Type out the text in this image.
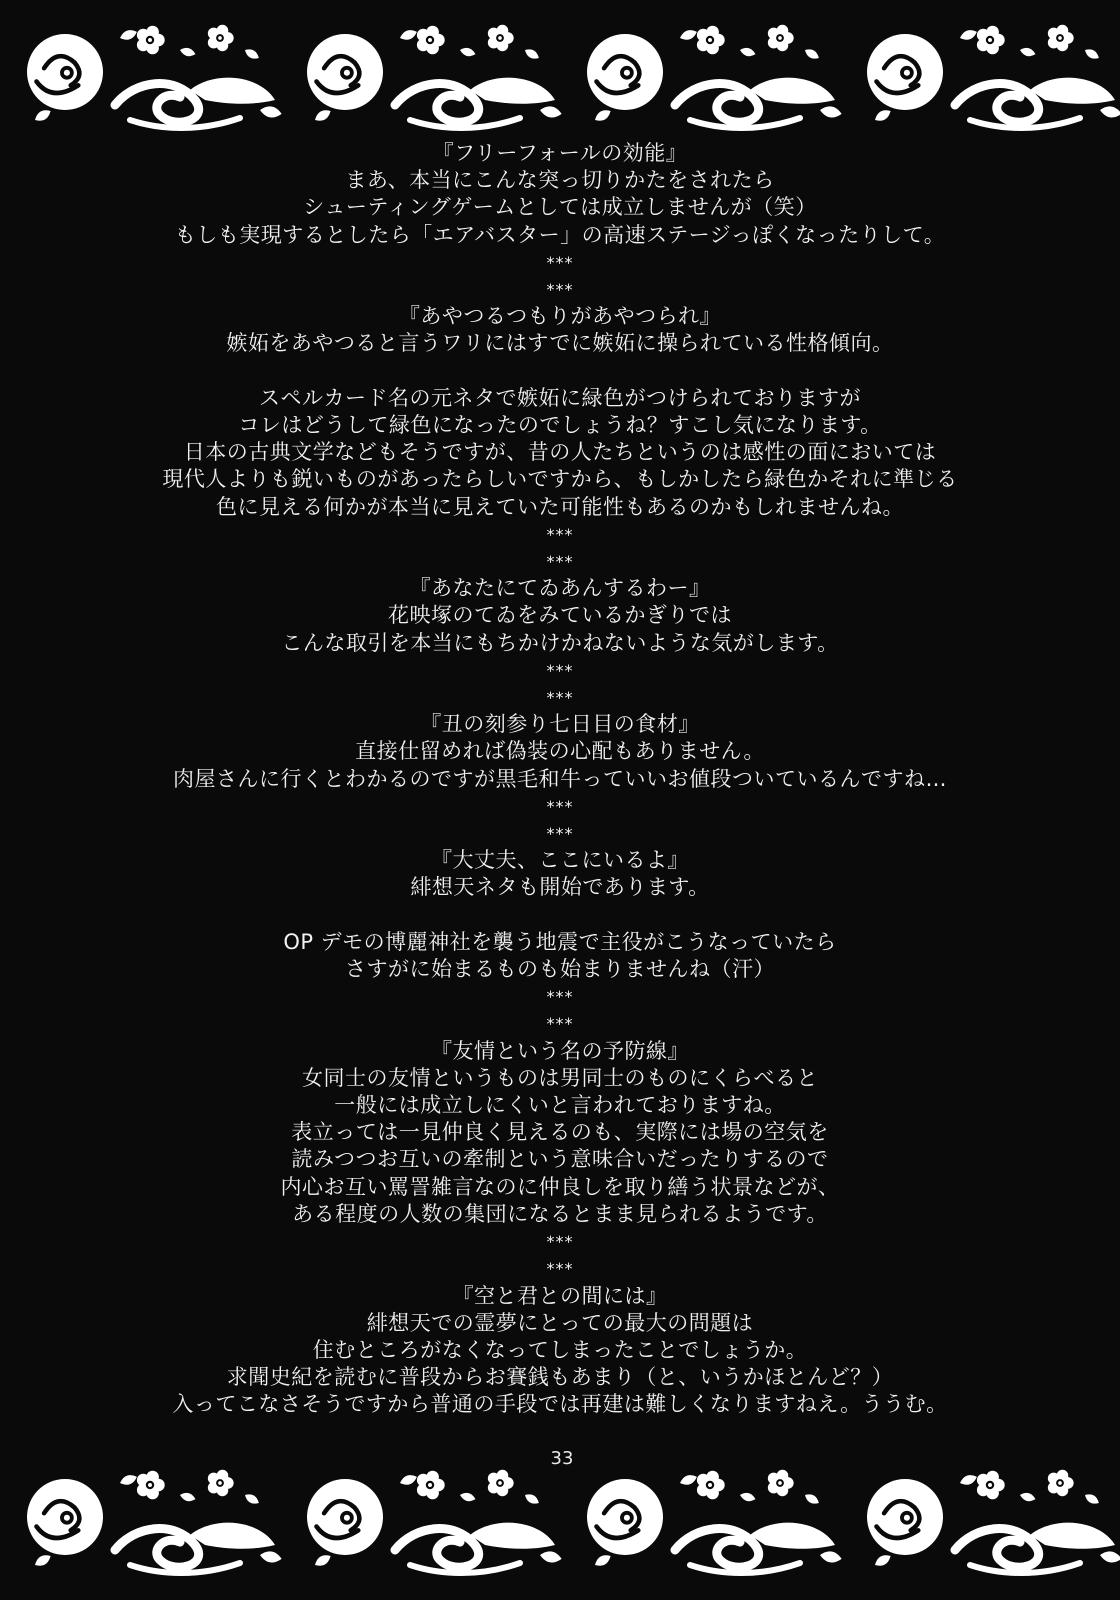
『フリーフォールの効能』
まあ、本当にこんな突っ切りかたをされたら
シューティングゲームとしては成立しませんが（笑）
もしも実現するとしたら「エアバスター」の高速ステージっぽくなったりして。
***
***
『あやつるつもりがあやつられ』
嫉妬をあやつると言うワリにはすでに嫉妬に操られている性格傾向。
スペルカード名の元ネタで嫉妬に緑色がつけられておりますが
コレはどうして緑色になったのでしょうね？すこし気になります。
日本の古典文学などもそうですが、昔の人たちというのは感性の面においては
現代人よりも鋭いものがあったらしいですから、もしかしたら緑色かそれに準じる
色に見える何かが本当に見えていた可能性もあるのかもしれませんね。
***
***
『あなたにてゐあんするわー』
花映塚のてゐをみているかぎりでは
こんな取引を本当にもちかけかねないような気がします。
***
***
『丑の刻参り七日目の食材』
直接仕留めれば偽装の心配もありません。
肉屋さんに行くとわかるのですが黒毛和牛っていいお値段ついているんですね…
***
***
『大丈夫、ここにいるよ』
緋想天ネタも開始であります。
OP デモの博麗神社を襲う地震で主役がこうなっていたら
さすがに始まるものも始まりませんね（汗）
***
***
『友情という名の予防線』
女同士の友情というものは男同士のものにくらべると
一般には成立しにくいと言われておりますね。
表立っては一見仲良く見えるのも、実際には場の空気を
読みつつお互いの牽制という意味合いだったりするので
内心お互い罵詈雑言なのに仲良しを取り繕う状景などが、
ある程度の人数の集団になるとまま見られるようです。
***
***
『空と君との間には』
緋想天での霊夢にとっての最大の問題は
住むところがなくなってしまったことでしょうか。
求聞史紀を読むに普段からお賽銭もあまり（と、いうかほとんど？）
入ってこなさそうですから普通の手段では再建は難しくなりますねえ。ううむ。
33
